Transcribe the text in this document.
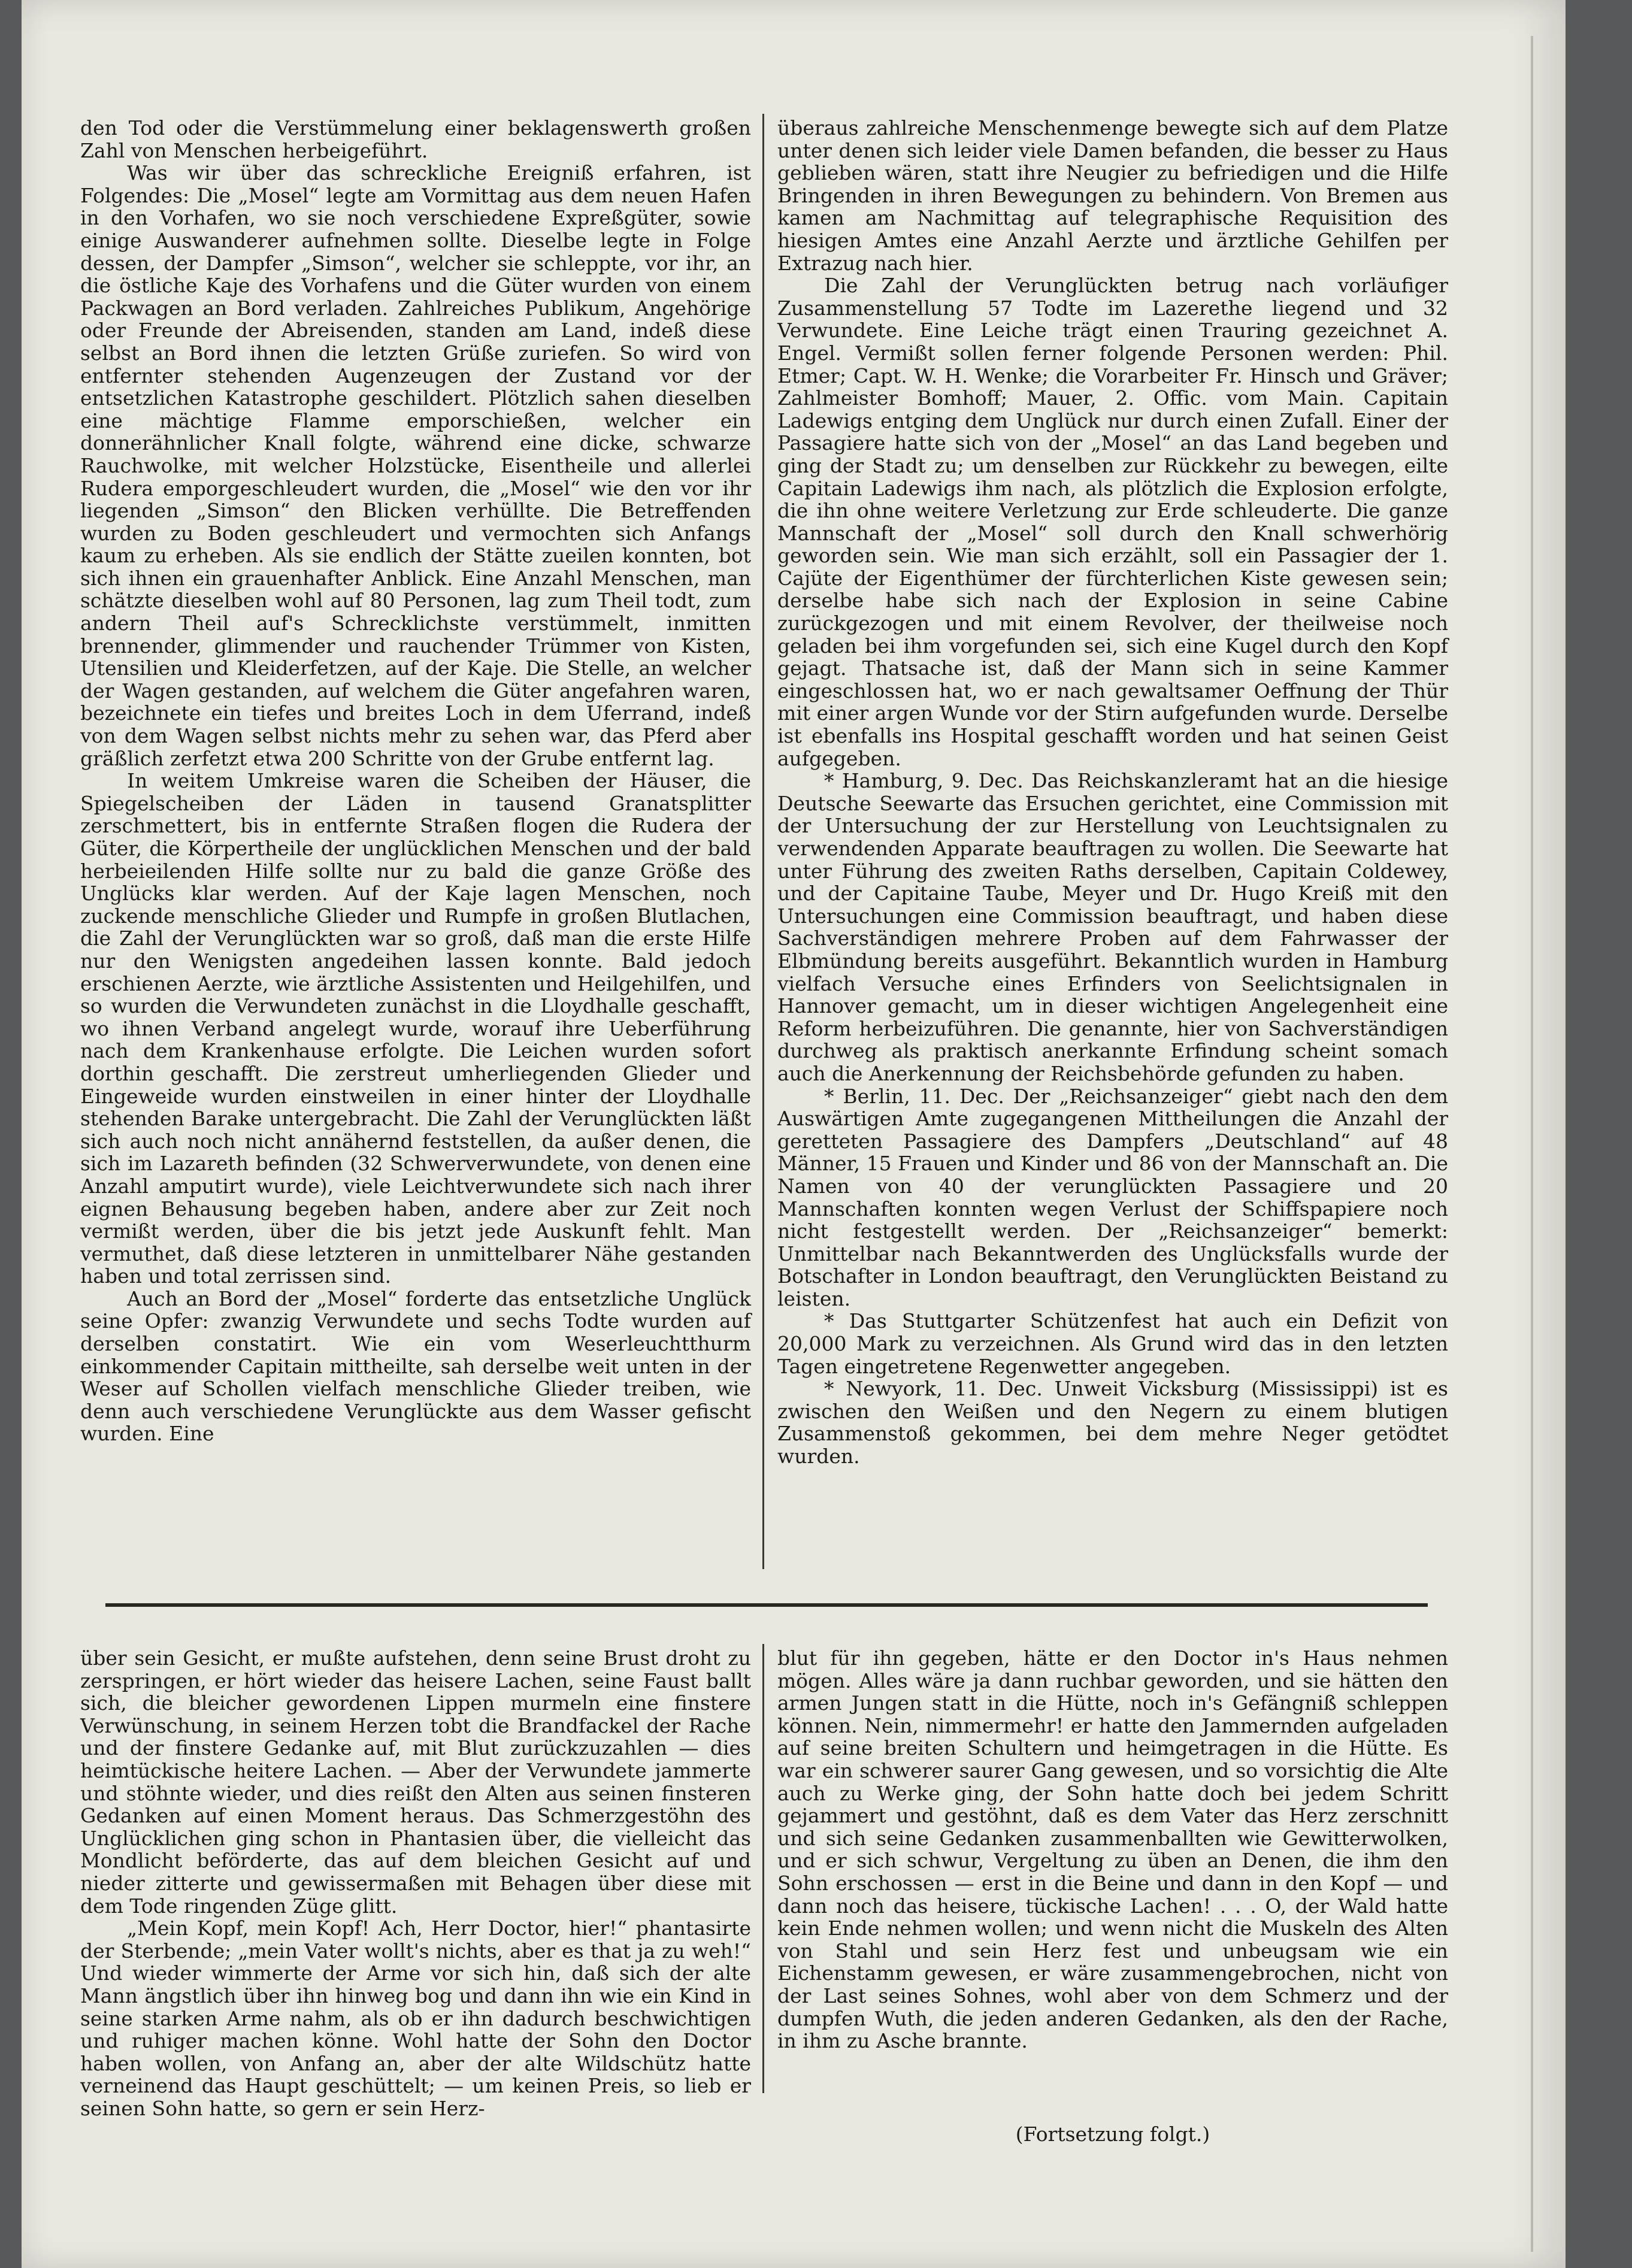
den Tod oder die Verstümmelung einer beklagenswerth großen Zahl von Menschen herbeigeführt.

Was wir über das schreckliche Ereigniß erfahren, ist Folgendes: Die „Mosel“ legte am Vormittag aus dem neuen Hafen in den Vorhafen, wo sie noch verschiedene Expreßgüter, sowie einige Auswanderer aufnehmen sollte. Dieselbe legte in Folge dessen, der Dampfer „Simson“, welcher sie schleppte, vor ihr, an die östliche Kaje des Vorhafens und die Güter wurden von einem Packwagen an Bord verladen. Zahlreiches Publikum, Angehörige oder Freunde der Abreisenden, standen am Land, indeß diese selbst an Bord ihnen die letzten Grüße zuriefen. So wird von entfernter stehenden Augenzeugen der Zustand vor der entsetzlichen Katastrophe geschildert. Plötzlich sahen dieselben eine mächtige Flamme emporschießen, welcher ein donnerähnlicher Knall folgte, während eine dicke, schwarze Rauchwolke, mit welcher Holzstücke, Eisentheile und allerlei Rudera emporgeschleudert wurden, die „Mosel“ wie den vor ihr liegenden „Simson“ den Blicken verhüllte. Die Betreffenden wurden zu Boden geschleudert und vermochten sich Anfangs kaum zu erheben. Als sie endlich der Stätte zueilen konnten, bot sich ihnen ein grauenhafter Anblick. Eine Anzahl Menschen, man schätzte dieselben wohl auf 80 Personen, lag zum Theil todt, zum andern Theil auf's Schrecklichste verstümmelt, inmitten brennender, glimmender und rauchender Trümmer von Kisten, Utensilien und Kleiderfetzen, auf der Kaje. Die Stelle, an welcher der Wagen gestanden, auf welchem die Güter angefahren waren, bezeichnete ein tiefes und breites Loch in dem Uferrand, indeß von dem Wagen selbst nichts mehr zu sehen war, das Pferd aber gräßlich zerfetzt etwa 200 Schritte von der Grube entfernt lag.

In weitem Umkreise waren die Scheiben der Häuser, die Spiegelscheiben der Läden in tausend Granatsplitter zerschmettert, bis in entfernte Straßen flogen die Rudera der Güter, die Körpertheile der unglücklichen Menschen und der bald herbeieilenden Hilfe sollte nur zu bald die ganze Größe des Unglücks klar werden. Auf der Kaje lagen Menschen, noch zuckende menschliche Glieder und Rumpfe in großen Blutlachen, die Zahl der Verunglückten war so groß, daß man die erste Hilfe nur den Wenigsten angedeihen lassen konnte. Bald jedoch erschienen Aerzte, wie ärztliche Assistenten und Heilgehilfen, und so wurden die Verwundeten zunächst in die Lloydhalle geschafft, wo ihnen Verband angelegt wurde, worauf ihre Ueberführung nach dem Krankenhause erfolgte. Die Leichen wurden sofort dorthin geschafft. Die zerstreut umherliegenden Glieder und Eingeweide wurden einstweilen in einer hinter der Lloydhalle stehenden Barake untergebracht. Die Zahl der Verunglückten läßt sich auch noch nicht annähernd feststellen, da außer denen, die sich im Lazareth befinden (32 Schwerverwundete, von denen eine Anzahl amputirt wurde), viele Leichtverwundete sich nach ihrer eignen Behausung begeben haben, andere aber zur Zeit noch vermißt werden, über die bis jetzt jede Auskunft fehlt. Man vermuthet, daß diese letzteren in unmittelbarer Nähe gestanden haben und total zerrissen sind.

Auch an Bord der „Mosel“ forderte das entsetzliche Unglück seine Opfer: zwanzig Verwundete und sechs Todte wurden auf derselben constatirt. Wie ein vom Weserleuchtthurm einkommender Capitain mittheilte, sah derselbe weit unten in der Weser auf Schollen vielfach menschliche Glieder treiben, wie denn auch verschiedene Verunglückte aus dem Wasser gefischt wurden. Eine

überaus zahlreiche Menschenmenge bewegte sich auf dem Platze unter denen sich leider viele Damen befanden, die besser zu Haus geblieben wären, statt ihre Neugier zu befriedigen und die Hilfe Bringenden in ihren Bewegungen zu behindern. Von Bremen aus kamen am Nachmittag auf telegraphische Requisition des hiesigen Amtes eine Anzahl Aerzte und ärztliche Gehilfen per Extrazug nach hier.

Die Zahl der Verunglückten betrug nach vorläufiger Zusammenstellung 57 Todte im Lazerethe liegend und 32 Verwundete. Eine Leiche trägt einen Trauring gezeichnet A. Engel. Vermißt sollen ferner folgende Personen werden: Phil. Etmer; Capt. W. H. Wenke; die Vorarbeiter Fr. Hinsch und Gräver; Zahlmeister Bomhoff; Mauer, 2. Offic. vom Main. Capitain Ladewigs entging dem Unglück nur durch einen Zufall. Einer der Passagiere hatte sich von der „Mosel“ an das Land begeben und ging der Stadt zu; um denselben zur Rückkehr zu bewegen, eilte Capitain Ladewigs ihm nach, als plötzlich die Explosion erfolgte, die ihn ohne weitere Verletzung zur Erde schleuderte. Die ganze Mannschaft der „Mosel“ soll durch den Knall schwerhörig geworden sein. Wie man sich erzählt, soll ein Passagier der 1. Cajüte der Eigenthümer der fürchterlichen Kiste gewesen sein; derselbe habe sich nach der Explosion in seine Cabine zurückgezogen und mit einem Revolver, der theilweise noch geladen bei ihm vorgefunden sei, sich eine Kugel durch den Kopf gejagt. Thatsache ist, daß der Mann sich in seine Kammer eingeschlossen hat, wo er nach gewaltsamer Oeffnung der Thür mit einer argen Wunde vor der Stirn aufgefunden wurde. Derselbe ist ebenfalls ins Hospital geschafft worden und hat seinen Geist aufgegeben.

* Hamburg, 9. Dec. Das Reichskanzleramt hat an die hiesige Deutsche Seewarte das Ersuchen gerichtet, eine Commission mit der Untersuchung der zur Herstellung von Leuchtsignalen zu verwendenden Apparate beauftragen zu wollen. Die Seewarte hat unter Führung des zweiten Raths derselben, Capitain Coldewey, und der Capitaine Taube, Meyer und Dr. Hugo Kreiß mit den Untersuchungen eine Commission beauftragt, und haben diese Sachverständigen mehrere Proben auf dem Fahrwasser der Elbmündung bereits ausgeführt. Bekanntlich wurden in Hamburg vielfach Versuche eines Erfinders von Seelichtsignalen in Hannover gemacht, um in dieser wichtigen Angelegenheit eine Reform herbeizuführen. Die genannte, hier von Sachverständigen durchweg als praktisch anerkannte Erfindung scheint somach auch die Anerkennung der Reichsbehörde gefunden zu haben.

* Berlin, 11. Dec. Der „Reichsanzeiger“ giebt nach den dem Auswärtigen Amte zugegangenen Mittheilungen die Anzahl der geretteten Passagiere des Dampfers „Deutschland“ auf 48 Männer, 15 Frauen und Kinder und 86 von der Mannschaft an. Die Namen von 40 der verunglückten Passagiere und 20 Mannschaften konnten wegen Verlust der Schiffspapiere noch nicht festgestellt werden. Der „Reichsanzeiger“ bemerkt: Unmittelbar nach Bekanntwerden des Unglücksfalls wurde der Botschafter in London beauftragt, den Verunglückten Beistand zu leisten.

* Das Stuttgarter Schützenfest hat auch ein Defizit von 20,000 Mark zu verzeichnen. Als Grund wird das in den letzten Tagen eingetretene Regenwetter angegeben.

* Newyork, 11. Dec. Unweit Vicksburg (Mississippi) ist es zwischen den Weißen und den Negern zu einem blutigen Zusammenstoß gekommen, bei dem mehre Neger getödtet wurden.

über sein Gesicht, er mußte aufstehen, denn seine Brust droht zu zerspringen, er hört wieder das heisere Lachen, seine Faust ballt sich, die bleicher gewordenen Lippen murmeln eine finstere Verwünschung, in seinem Herzen tobt die Brandfackel der Rache und der finstere Gedanke auf, mit Blut zurückzuzahlen — dies heimtückische heitere Lachen. — Aber der Verwundete jammerte und stöhnte wieder, und dies reißt den Alten aus seinen finsteren Gedanken auf einen Moment heraus. Das Schmerzgestöhn des Unglücklichen ging schon in Phantasien über, die vielleicht das Mondlicht beförderte, das auf dem bleichen Gesicht auf und nieder zitterte und gewissermaßen mit Behagen über diese mit dem Tode ringenden Züge glitt.

„Mein Kopf, mein Kopf! Ach, Herr Doctor, hier!“ phantasirte der Sterbende; „mein Vater wollt's nichts, aber es that ja zu weh!“ Und wieder wimmerte der Arme vor sich hin, daß sich der alte Mann ängstlich über ihn hinweg bog und dann ihn wie ein Kind in seine starken Arme nahm, als ob er ihn dadurch beschwichtigen und ruhiger machen könne. Wohl hatte der Sohn den Doctor haben wollen, von Anfang an, aber der alte Wildschütz hatte verneinend das Haupt geschüttelt; — um keinen Preis, so lieb er seinen Sohn hatte, so gern er sein Herz-

blut für ihn gegeben, hätte er den Doctor in's Haus nehmen mögen. Alles wäre ja dann ruchbar geworden, und sie hätten den armen Jungen statt in die Hütte, noch in's Gefängniß schleppen können. Nein, nimmermehr! er hatte den Jammernden aufgeladen auf seine breiten Schultern und heimgetragen in die Hütte. Es war ein schwerer saurer Gang gewesen, und so vorsichtig die Alte auch zu Werke ging, der Sohn hatte doch bei jedem Schritt gejammert und gestöhnt, daß es dem Vater das Herz zerschnitt und sich seine Gedanken zusammenballten wie Gewitterwolken, und er sich schwur, Vergeltung zu üben an Denen, die ihm den Sohn erschossen — erst in die Beine und dann in den Kopf — und dann noch das heisere, tückische Lachen! . . . O, der Wald hatte kein Ende nehmen wollen; und wenn nicht die Muskeln des Alten von Stahl und sein Herz fest und unbeugsam wie ein Eichenstamm gewesen, er wäre zusammengebrochen, nicht von der Last seines Sohnes, wohl aber von dem Schmerz und der dumpfen Wuth, die jeden anderen Gedanken, als den der Rache, in ihm zu Asche brannte.

(Fortsetzung folgt.)
